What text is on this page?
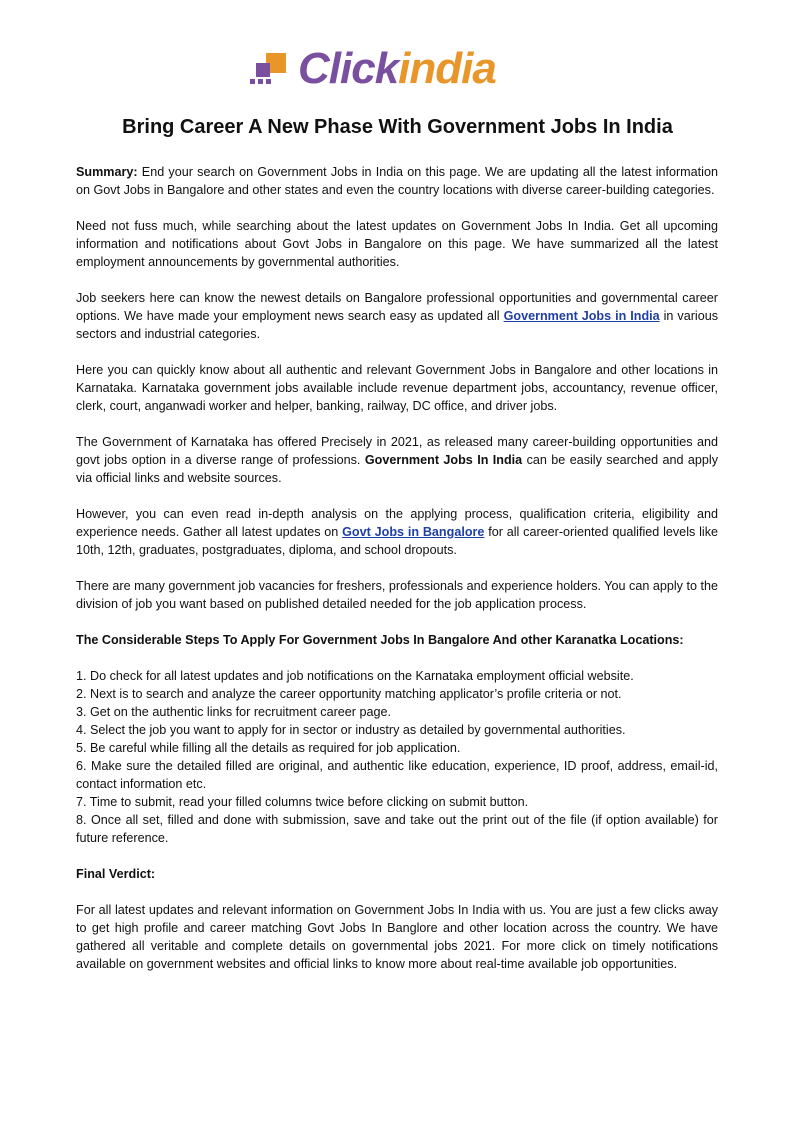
Click india
Bring Career A New Phase With Government Jobs In India

Summary: End your search on Government Jobs in India on this page. We are updating all the latest information on Govt Jobs in Bangalore and other states and even the country locations with diverse career-building categories.

Need not fuss much, while searching about the latest updates on Government Jobs In India. Get all upcoming information and notifications about Govt Jobs in Bangalore on this page. We have summarized all the latest employment announcements by governmental authorities.

Job seekers here can know the newest details on Bangalore professional opportunities and governmental career options. We have made your employment news search easy as updated all Government Jobs in India in various sectors and industrial categories.

Here you can quickly know about all authentic and relevant Government Jobs in Bangalore and other locations in Karnataka. Karnataka government jobs available include revenue department jobs, accountancy, revenue officer, clerk, court, anganwadi worker and helper, banking, railway, DC office, and driver jobs.

The Government of Karnataka has offered Precisely in 2021, as released many career-building opportunities and govt jobs option in a diverse range of professions. Government Jobs In India can be easily searched and apply via official links and website sources.

However, you can even read in-depth analysis on the applying process, qualification criteria, eligibility and experience needs. Gather all latest updates on Govt Jobs in Bangalore for all career-oriented qualified levels like 10th, 12th, graduates, postgraduates, diploma, and school dropouts.

There are many government job vacancies for freshers, professionals and experience holders. You can apply to the division of job you want based on published detailed needed for the job application process.

The Considerable Steps To Apply For Government Jobs In Bangalore And other Karanatka Locations:

1. Do check for all latest updates and job notifications on the Karnataka employment official website.

2. Next is to search and analyze the career opportunity matching applicator’s profile criteria or not.

3. Get on the authentic links for recruitment career page.

4. Select the job you want to apply for in sector or industry as detailed by governmental authorities.

5. Be careful while filling all the details as required for job application.

6. Make sure the detailed filled are original, and authentic like education, experience, ID proof, address, email-id, contact information etc.

7. Time to submit, read your filled columns twice before clicking on submit button.

8. Once all set, filled and done with submission, save and take out the print out of the file (if option available) for future reference.

Final Verdict:

For all latest updates and relevant information on Government Jobs In India with us. You are just a few clicks away to get high profile and career matching Govt Jobs In Banglore and other location across the country. We have gathered all veritable and complete details on governmental jobs 2021. For more click on timely notifications available on government websites and official links to know more about real-time available job opportunities.
